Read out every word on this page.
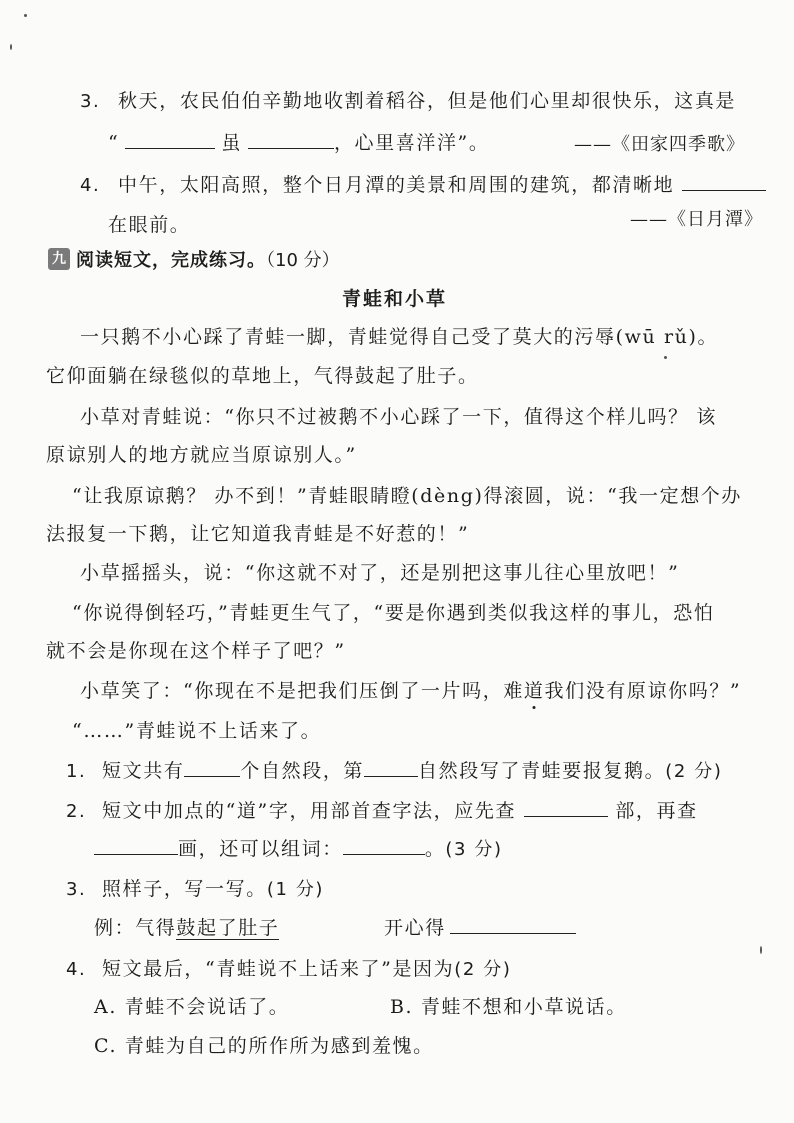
3. 秋天，农民伯伯辛勤地收割着稻谷，但是他们心里却很快乐，这真是
“	虽	，心里喜洋洋”。	——《田家四季歌》
4. 中午，太阳高照，整个日月潭的美景和周围的建筑，都清晰地
在眼前。	——《日月潭》
九 阅读短文，完成练习。（10 分）
青蛙和小草
一只鹅不小心踩了青蛙一脚，青蛙觉得自己受了莫大的污辱(wū rǔ)。
它仰面躺在绿毯似的草地上，气得鼓起了肚子。
小草对青蛙说：“你只不过被鹅不小心踩了一下，值得这个样儿吗？ 该
原谅别人的地方就应当原谅别人。”
“让我原谅鹅？ 办不到！”青蛙眼睛瞪(dèng)得滚圆，说：“我一定想个办
法报复一下鹅，让它知道我青蛙是不好惹的！”
小草摇摇头，说：“你这就不对了，还是别把这事儿往心里放吧！”
“你说得倒轻巧，”青蛙更生气了，“要是你遇到类似我这样的事儿，恐怕
就不会是你现在这个样子了吧？”
小草笑了：“你现在不是把我们压倒了一片吗，难道
我们没有原谅你吗？”
“……”青蛙说不上话来了。
1. 短文共有	个自然段，第	自然段写了青蛙要报复鹅。(2 分)
2. 短文中加点的“道”字，用部首查字法，应先查	部，再查
画，还可以组词：	。(3 分)
3. 照样子，写一写。(1 分)
例：气得鼓起了肚子	开心得
4. 短文最后，“青蛙说不上话来了”是因为(2 分)
A. 青蛙不会说话了。	B. 青蛙不想和小草说话。
C. 青蛙为自己的所作所为感到羞愧。
